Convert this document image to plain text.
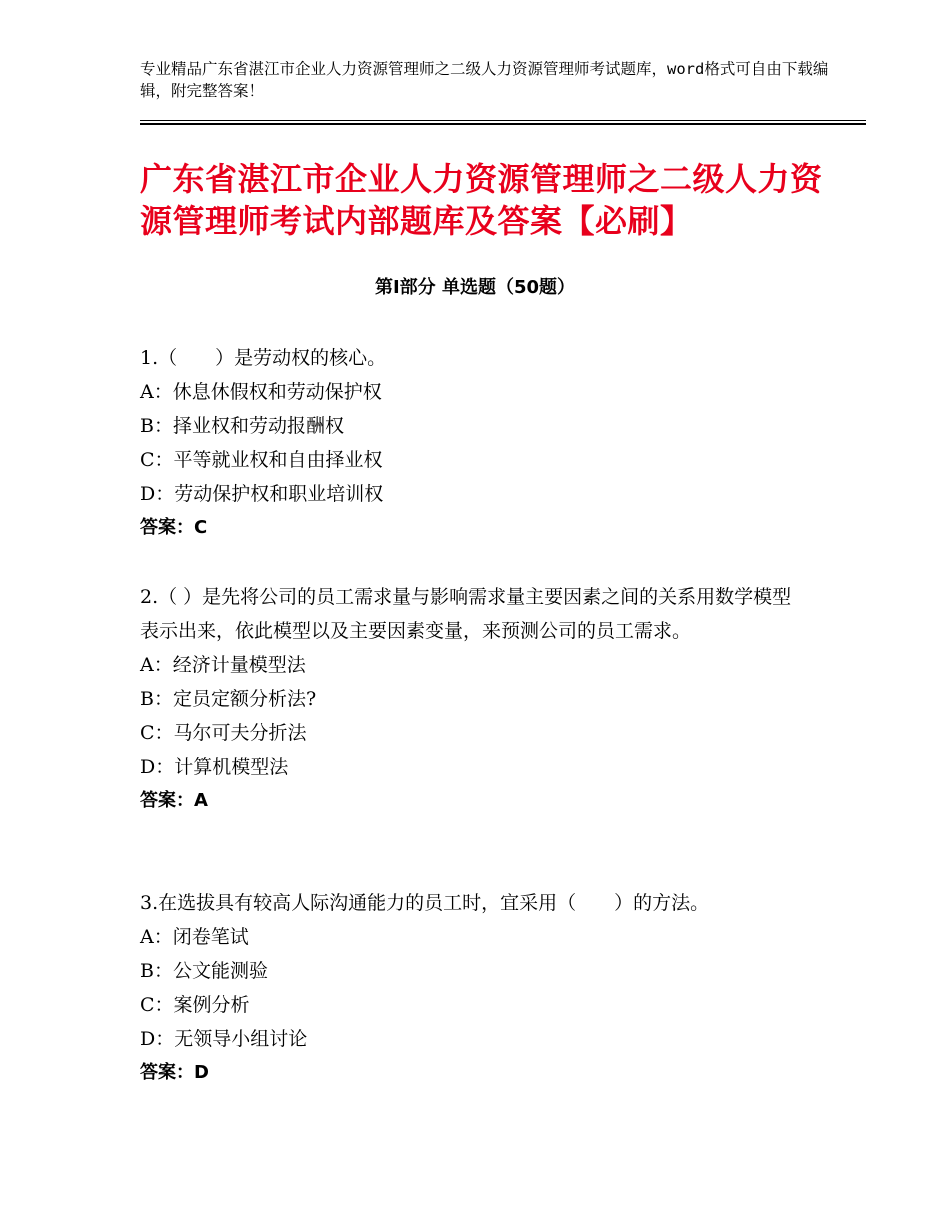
专业精品广东省湛江市企业人力资源管理师之二级人力资源管理师考试题库，word格式可自由下载编辑，附完整答案！
广东省湛江市企业人力资源管理师之二级人力资源管理师考试内部题库及答案【必刷】
第Ⅰ部分 单选题（50题）

1.（　　）是劳动权的核心。

A：休息休假权和劳动保护权

B：择业权和劳动报酬权

C：平等就业权和自由择业权

D：劳动保护权和职业培训权

答案：C

2.（ ）是先将公司的员工需求量与影响需求量主要因素之间的关系用数学模型表示出来，依此模型以及主要因素变量，来预测公司的员工需求。

A：经济计量模型法

B：定员定额分析法?

C：马尔可夫分折法

D：计算机模型法

答案：A

3.在选拔具有较高人际沟通能力的员工时，宜采用（　　）的方法。

A：闭卷笔试

B：公文能测验

C：案例分析

D：无领导小组讨论

答案：D
